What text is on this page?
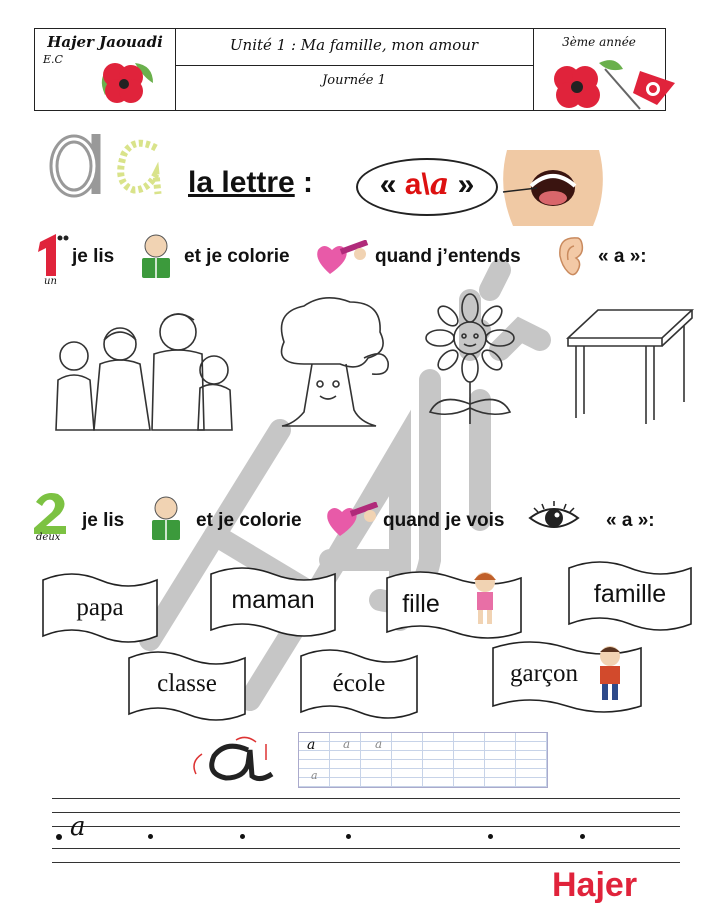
Hajer Jaouadi
E.C
Unité 1 : Ma famille, mon amour
Journée 1
3ème année
la lettre :	« a\a »
un
je lis	et je colorie	quand j’entends	« a »:
deux
je lis	et je colorie	quand je vois	« a »:
papa	maman	fille	famille
classe	école	garçon
a a a
a
a
Hajer
